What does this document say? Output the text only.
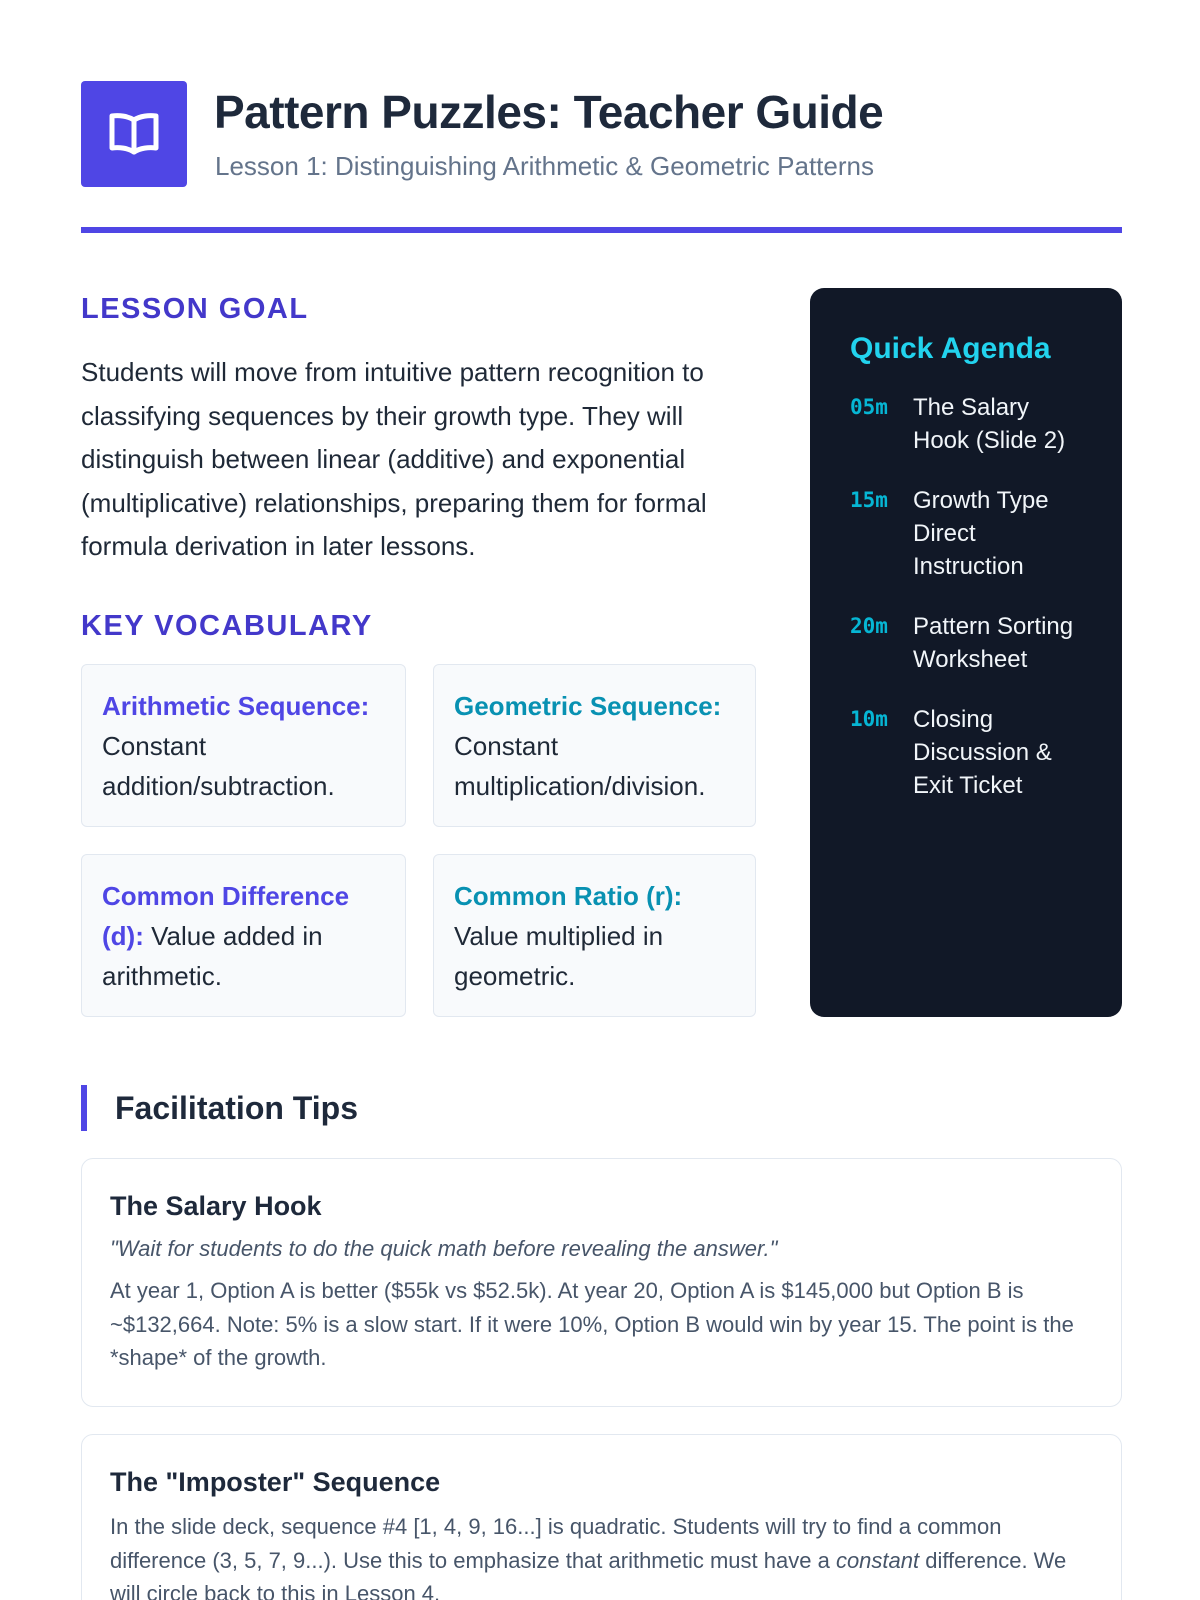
Pattern Puzzles: Teacher Guide
Lesson 1: Distinguishing Arithmetic & Geometric Patterns
LESSON GOAL

Students will move from intuitive pattern recognition to classifying sequences by their growth type. They will distinguish between linear (additive) and exponential (multiplicative) relationships, preparing them for formal formula derivation in later lessons.

KEY VOCABULARY
Arithmetic Sequence: Constant addition/subtraction.
Geometric Sequence: Constant multiplication/division.
Common Difference (d): Value added in arithmetic.
Common Ratio (r): Value multiplied in geometric.
Quick Agenda
05m	The Salary Hook (Slide 2)
15m	Growth Type Direct Instruction
20m	Pattern Sorting Worksheet
10m	Closing Discussion & Exit Ticket
Facilitation Tips
The Salary Hook
"Wait for students to do the quick math before revealing the answer."

At year 1, Option A is better ($55k vs $52.5k). At year 20, Option A is $145,000 but Option B is ~$132,664. Note: 5% is a slow start. If it were 10%, Option B would win by year 15. The point is the *shape* of the growth.

The "Imposter" Sequence

In the slide deck, sequence #4 [1, 4, 9, 16...] is quadratic. Students will try to find a common difference (3, 5, 7, 9...). Use this to emphasize that arithmetic must have a constant difference. We will circle back to this in Lesson 4.
